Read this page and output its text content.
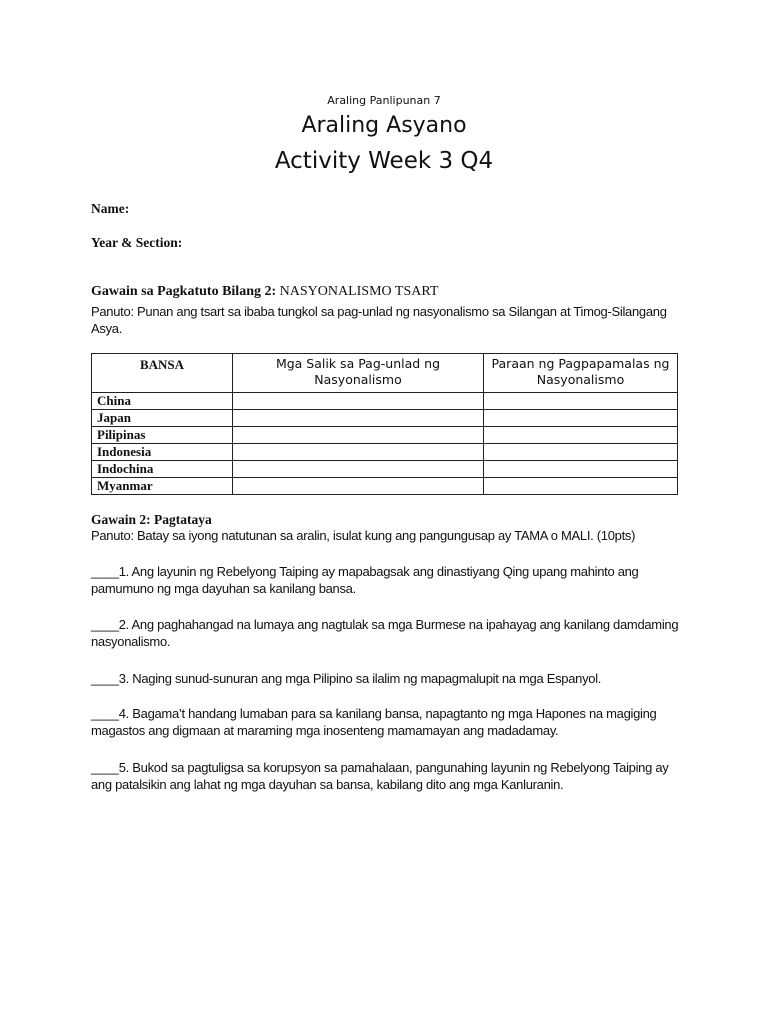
Araling Panlipunan 7
Araling Asyano
Activity Week 3 Q4
Name:
Year & Section:
Gawain sa Pagkatuto Bilang 2: NASYONALISMO TSART
Panuto: Punan ang tsart sa ibaba tungkol sa pag-unlad ng nasyonalismo sa Silangan at Timog-Silangang Asya.
BANSA	Mga Salik sa Pag-unlad ng Nasyonalismo	Paraan ng Pagpapamalas ng Nasyonalismo
China		
Japan		
Pilipinas		
Indonesia		
Indochina		
Myanmar		
Gawain 2: Pagtataya
Panuto: Batay sa iyong natutunan sa aralin, isulat kung ang pangungusap ay TAMA o MALI. (10pts)
____1. Ang layunin ng Rebelyong Taiping ay mapabagsak ang dinastiyang Qing upang mahinto ang pamumuno ng mga dayuhan sa kanilang bansa.
____2. Ang paghahangad na lumaya ang nagtulak sa mga Burmese na ipahayag ang kanilang damdaming nasyonalismo.
____3. Naging sunud-sunuran ang mga Pilipino sa ilalim ng mapagmalupit na mga Espanyol.
____4. Bagama’t handang lumaban para sa kanilang bansa, napagtanto ng mga Hapones na magiging magastos ang digmaan at maraming mga inosenteng mamamayan ang madadamay.
____5. Bukod sa pagtuligsa sa korupsyon sa pamahalaan, pangunahing layunin ng Rebelyong Taiping ay ang patalsikin ang lahat ng mga dayuhan sa bansa, kabilang dito ang mga Kanluranin.
